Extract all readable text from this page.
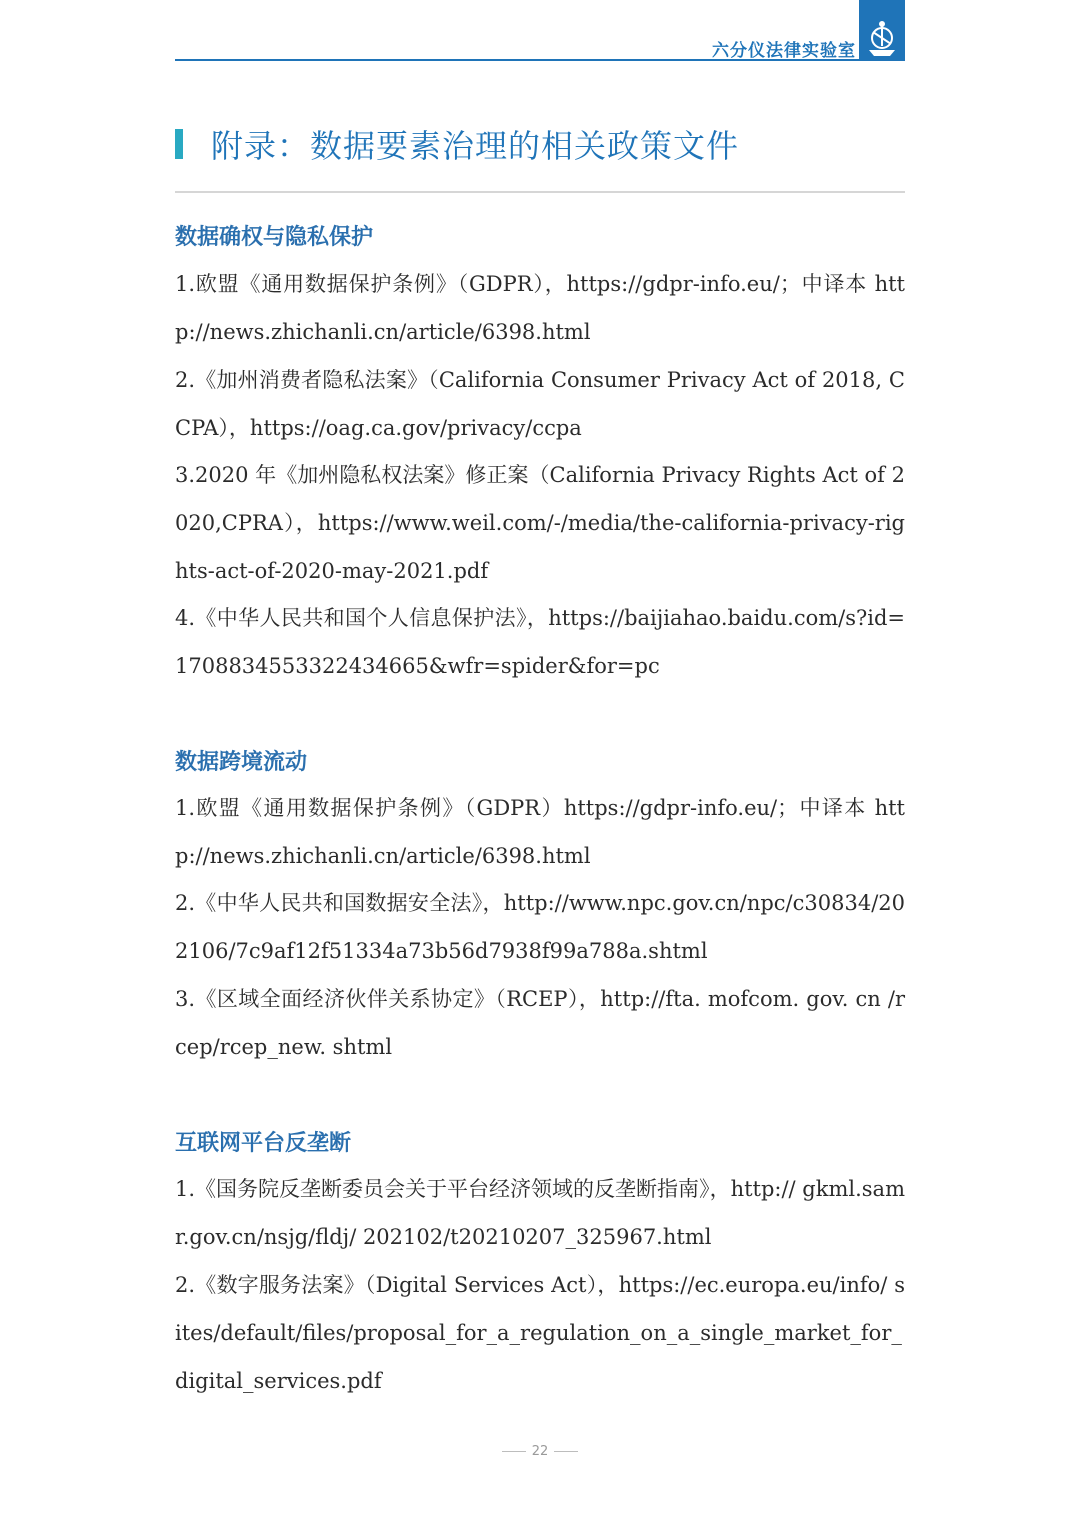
六分仪法律实验室
附录：数据要素治理的相关政策文件
数据确权与隐私保护
1.欧盟《通用数据保护条例》（GDPR），https://gdpr-info.eu/；中译本 http://news.zhichanli.cn/article/6398.html
2.《加州消费者隐私法案》（California Consumer Privacy Act of 2018, CCPA），https://oag.ca.gov/privacy/ccpa
3.2020 年《加州隐私权法案》修正案（California Privacy Rights Act of 2020,CPRA），https://www.weil.com/-/media/the-california-privacy-rights-act-of-2020-may-2021.pdf
4.《中华人民共和国个人信息保护法》，https://baijiahao.baidu.com/s?id=1708834553322434665&wfr=spider&for=pc
数据跨境流动
1.欧盟《通用数据保护条例》（GDPR）https://gdpr-info.eu/；中译本 http://news.zhichanli.cn/article/6398.html
2.《中华人民共和国数据安全法》，http://www.npc.gov.cn/npc/c30834/202106/7c9af12f51334a73b56d7938f99a788a.shtml
3.《区域全面经济伙伴关系协定》（RCEP），http://fta. mofcom. gov. cn /rcep/rcep_new. shtml
互联网平台反垄断
1.《国务院反垄断委员会关于平台经济领域的反垄断指南》，http:// gkml.samr.gov.cn/nsjg/fldj/ 202102/t20210207_325967.html
2.《数字服务法案》（Digital Services Act），https://ec.europa.eu/info/ sites/default/files/proposal_for_a_regulation_on_a_single_market_for_ digital_services.pdf
22
